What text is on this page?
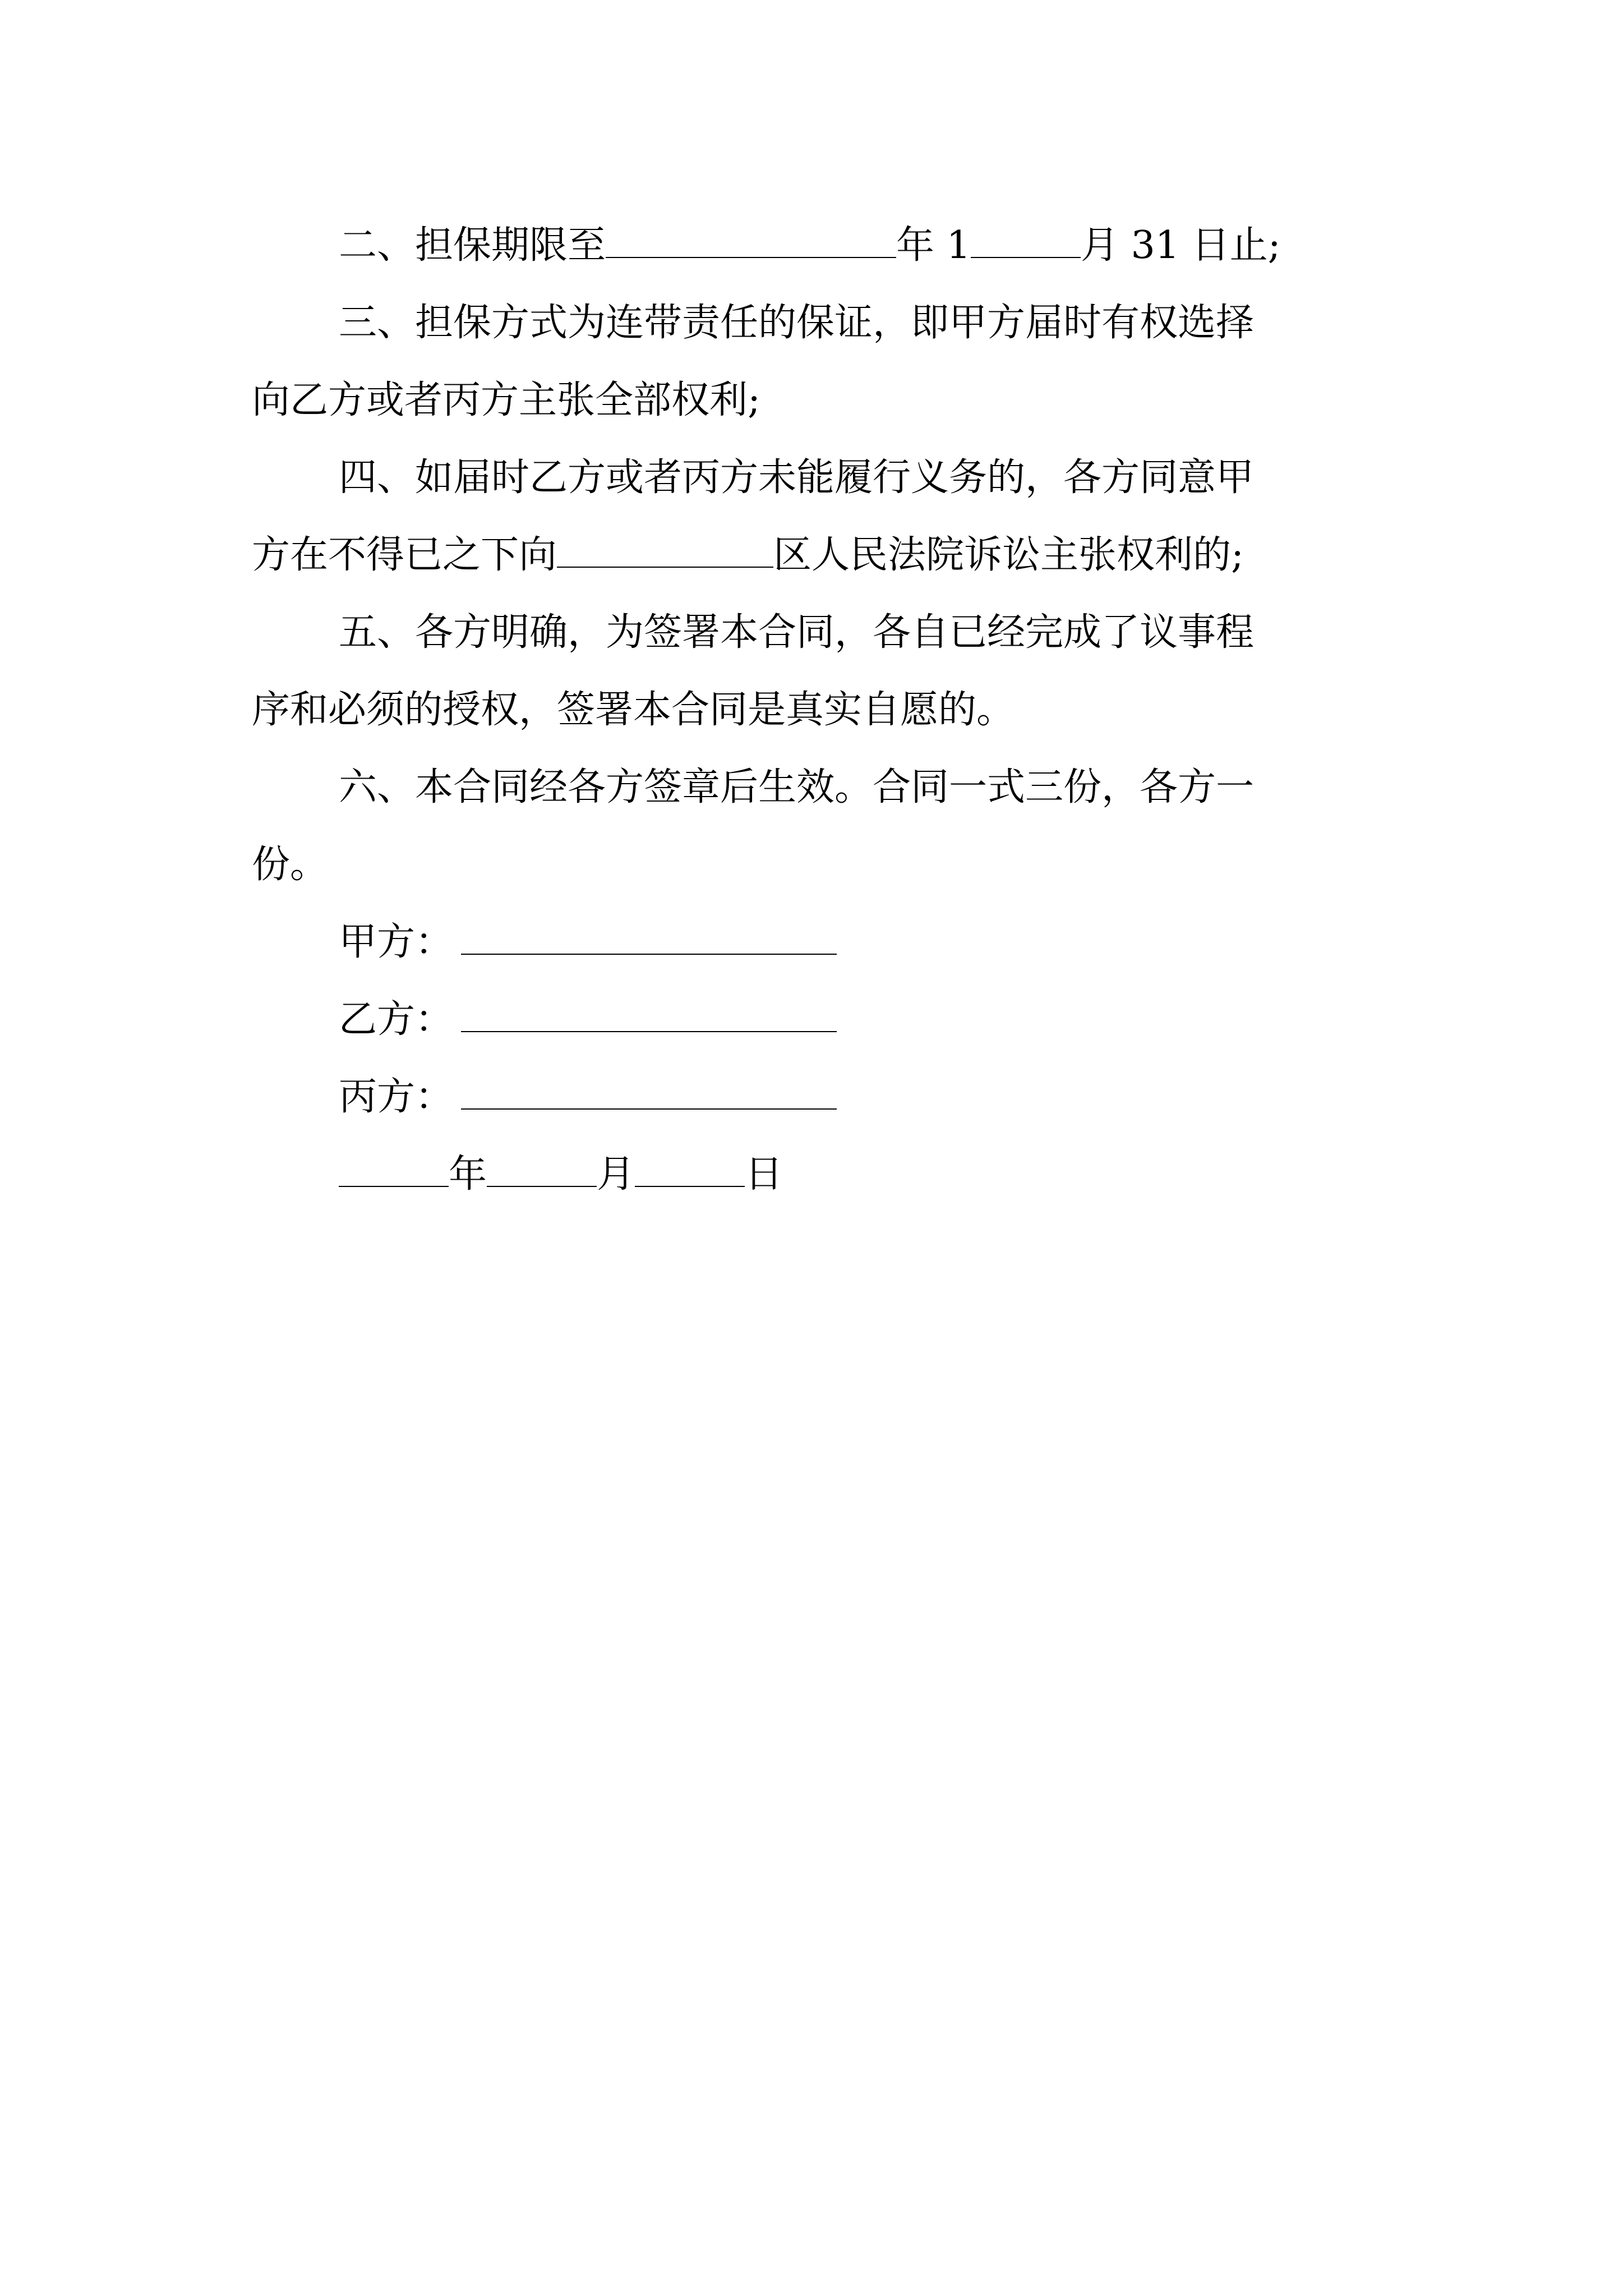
二、担保期限至	年 1	月 31 日止;
三、担保方式为连带责任的保证，即甲方届时有权选择
向乙方或者丙方主张全部权利;
四、如届时乙方或者丙方未能履行义务的，各方同意甲
方在不得已之下向	区人民法院诉讼主张权利的;
五、各方明确，为签署本合同，各自已经完成了议事程
序和必须的授权，签署本合同是真实自愿的。
六、本合同经各方签章后生效。合同一式三份，各方一
份。
甲方：
乙方：
丙方：
年	月	日
